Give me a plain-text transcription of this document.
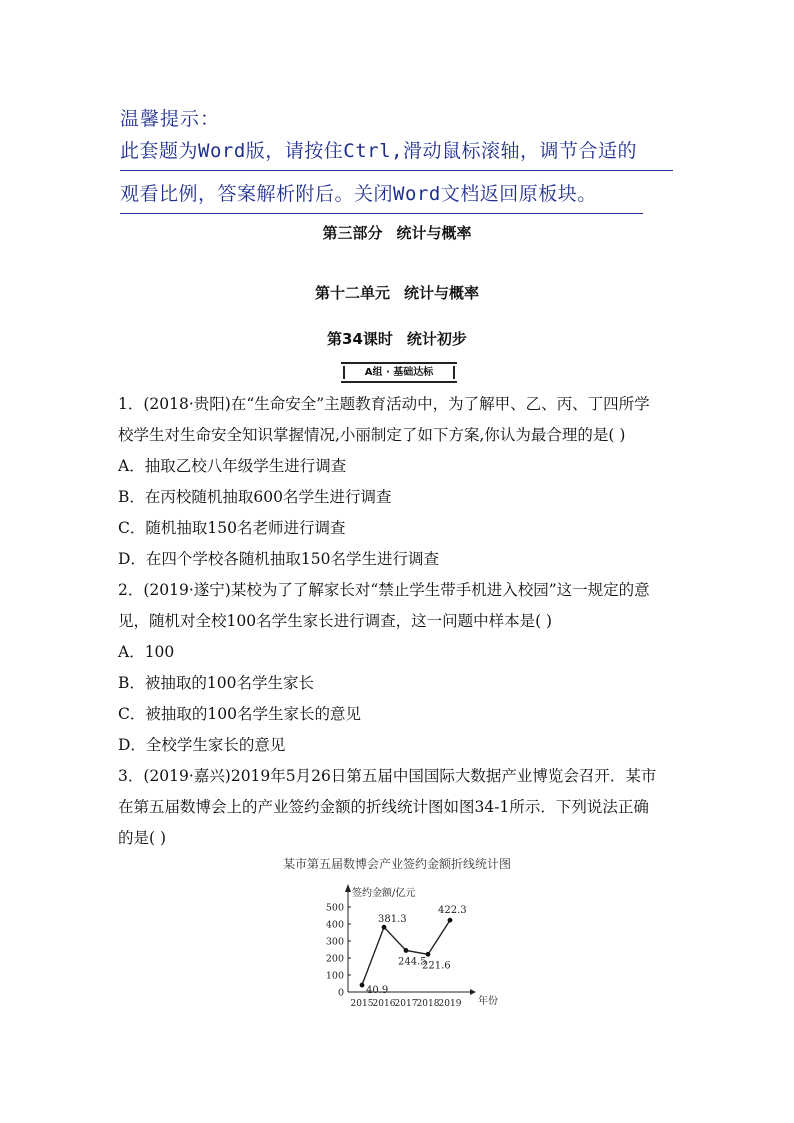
温馨提示：
此套题为Word版，请按住Ctrl,滑动鼠标滚轴，调节合适的
观看比例，答案解析附后。关闭Word文档返回原板块。
第三部分 统计与概率
第十二单元 统计与概率
第34课时 统计初步
A组 · 基础达标
1．(2018·贵阳)在“生命安全”主题教育活动中，为了解甲、乙、丙、丁四所学
校学生对生命安全知识掌握情况,小丽制定了如下方案,你认为最合理的是( )
A．抽取乙校八年级学生进行调查
B．在丙校随机抽取600名学生进行调查
C．随机抽取150名老师进行调查
D．在四个学校各随机抽取150名学生进行调查
2．(2019·遂宁)某校为了了解家长对“禁止学生带手机进入校园”这一规定的意
见，随机对全校100名学生家长进行调查，这一问题中样本是( )
A．100
B．被抽取的100名学生家长
C．被抽取的100名学生家长的意见
D．全校学生家长的意见
3．(2019·嘉兴)2019年5月26日第五届中国国际大数据产业博览会召开．某市
在第五届数博会上的产业签约金额的折线统计图如图34-1所示．下列说法正确
的是( )
某市第五届数博会产业签约金额折线统计图
签约金额/亿元
0
100
200
300
400
500
2015 2016 2017 2018 2019 年份
40.9
381.3
244.5
221.6
422.3
